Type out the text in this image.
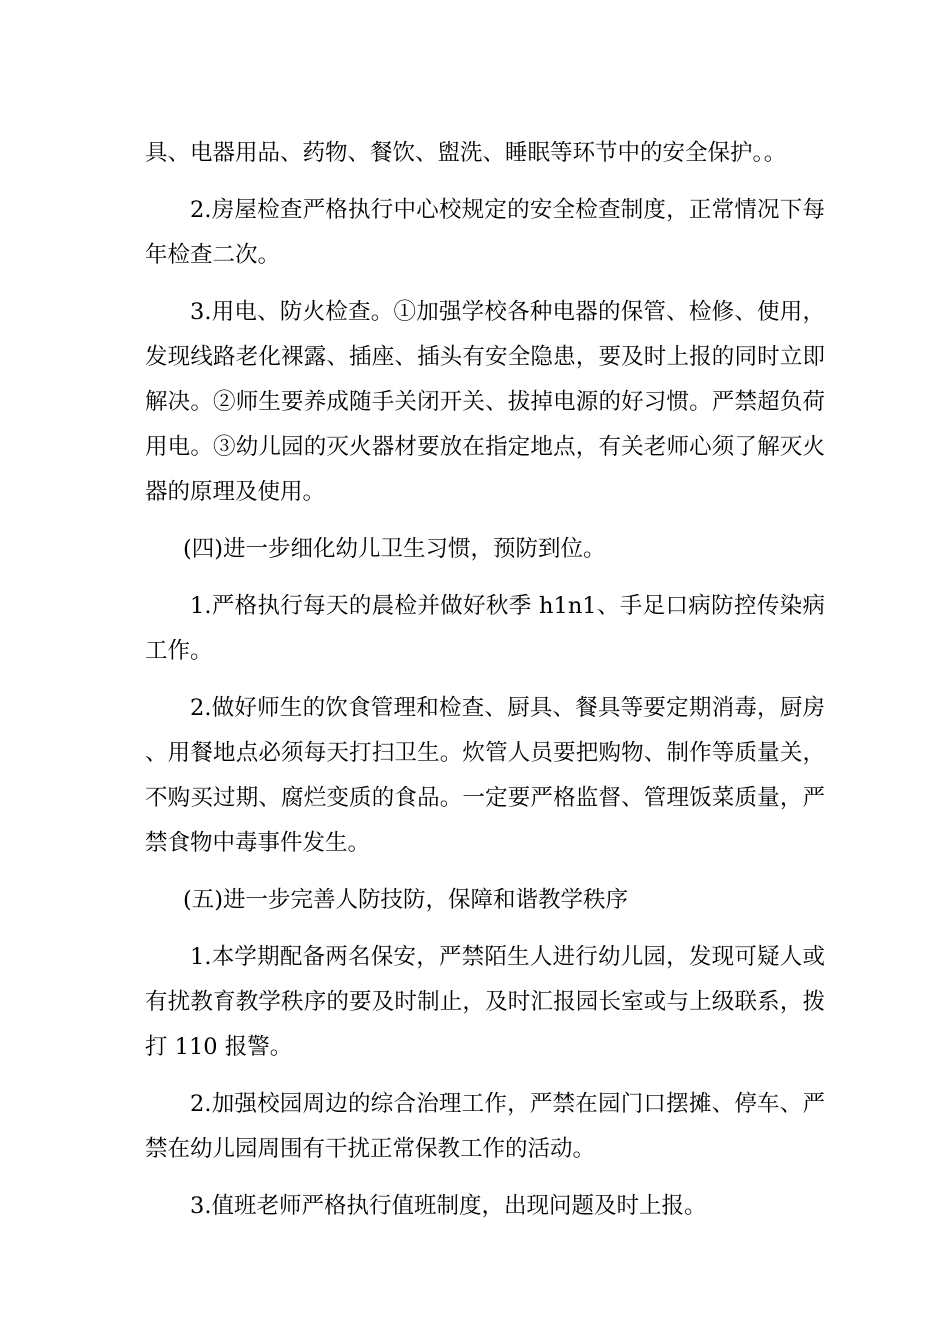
具、电器用品、药物、餐饮、盥洗、睡眠等环节中的安全保护。。

2.房屋检查严格执行中心校规定的安全检查制度，正常情况下每年检查二次。

3.用电、防火检查。①加强学校各种电器的保管、检修、使用，发现线路老化裸露、插座、插头有安全隐患，要及时上报的同时立即解决。②师生要养成随手关闭开关、拔掉电源的好习惯。严禁超负荷用电。③幼儿园的灭火器材要放在指定地点，有关老师心须了解灭火器的原理及使用。

(四)进一步细化幼儿卫生习惯，预防到位。

1.严格执行每天的晨检并做好秋季 h1n1、手足口病防控传染病工作。

2.做好师生的饮食管理和检查、厨具、餐具等要定期消毒，厨房、用餐地点必须每天打扫卫生。炊管人员要把购物、制作等质量关，不购买过期、腐烂变质的食品。一定要严格监督、管理饭菜质量，严禁食物中毒事件发生。

(五)进一步完善人防技防，保障和谐教学秩序

1.本学期配备两名保安，严禁陌生人进行幼儿园，发现可疑人或有扰教育教学秩序的要及时制止，及时汇报园长室或与上级联系，拨打 110 报警。

2.加强校园周边的综合治理工作，严禁在园门口摆摊、停车、严禁在幼儿园周围有干扰正常保教工作的活动。

3.值班老师严格执行值班制度，出现问题及时上报。
